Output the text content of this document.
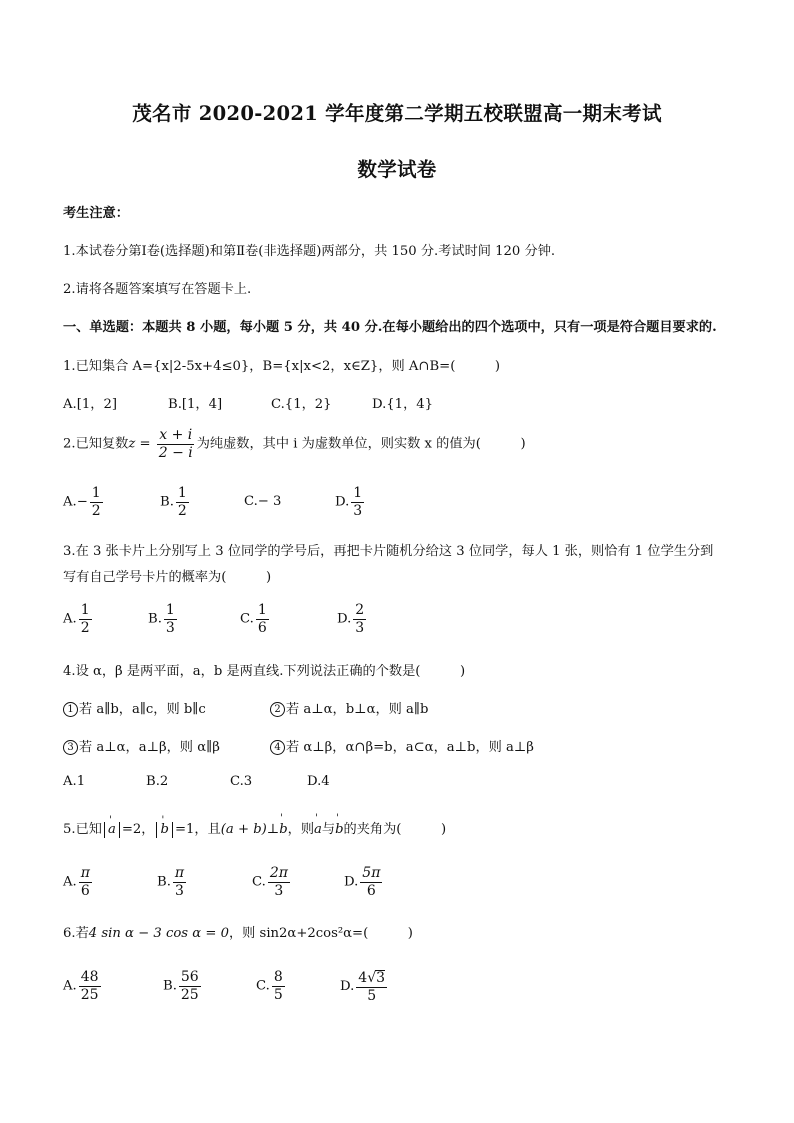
茂名市 2020-2021 学年度第二学期五校联盟高一期末考试
数学试卷
考生注意：
1.本试卷分第Ⅰ卷(选择题)和第Ⅱ卷(非选择题)两部分，共 150 分.考试时间 120 分钟.
2.请将各题答案填写在答题卡上.
一、单选题：本题共 8 小题，每小题 5 分，共 40 分.在每小题给出的四个选项中，只有一项是符合题目要求的.
1.已知集合 A={x|2-5x+4≤0}，B={x|x<2，x∈Z}，则 A∩B=(　　　)
A.[1，2]	B.[1，4]	C.{1，2}	D.{1，4}
2.已知复数$z = \frac{x + i}{2 - i}$ 为纯虚数，其中 i 为虚数单位，则实数 x 的值为(　　　)
$A.- \frac{1}{2}$	B. $\frac{1}{2}$	C.− 3	D. $\frac{1}{3}$
3.在 3 张卡片上分别写上 3 位同学的学号后，再把卡片随机分给这 3 位同学，每人 1 张，则恰有 1 位学生分到
写有自己学号卡片的概率为(　　　)
A. $\frac{1}{2}$	B. $\frac{1}{3}$	C. $\frac{1}{6}$	D. $\frac{2}{3}$
4.设 α，β 是两平面，a，b 是两直线.下列说法正确的个数是(　　　)
1 若 a∥b，a∥c，则 b∥c	2 若 a⊥α，b⊥α，则 a∥b
3 若 a⊥α，a⊥β，则 α∥β	4 若 α⊥β，α∩β=b，a⊂α，a⊥b，则 a⊥β
A.1	B.2	C.3	D.4
5.已知 ' a =2， ' b =1，且(a + b)⊥' b，则' a与' b的夹角为(　　　)
A. $\frac{\pi}{6}$	B. $\frac{\pi}{3}$	C. $\frac{2\pi}{3}$	D. $\frac{5\pi}{6}$
6.若4 sin α − 3 cos α = 0，则 sin2α+2cos²α=(　　　)
A. $\frac{48}{25}$	B. $\frac{56}{25}$	C. $\frac{8}{5}$	D. $\frac{4√3}{5}$
